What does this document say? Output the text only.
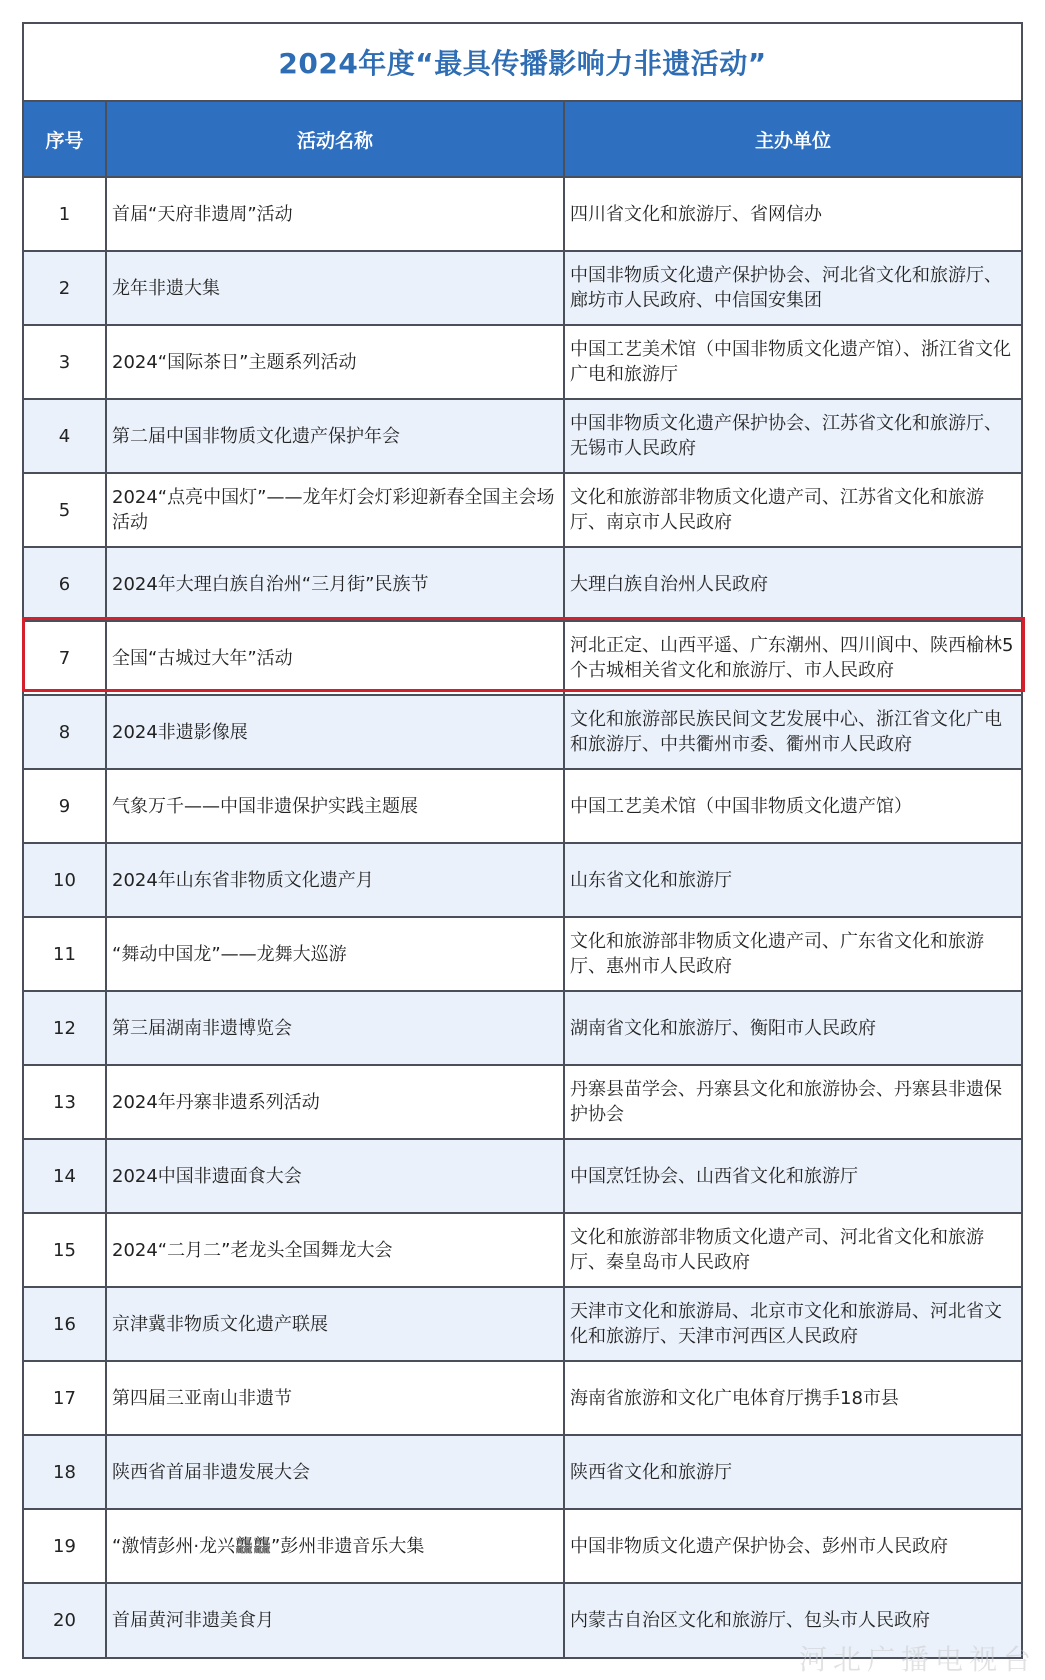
2024年度“最具传播影响力非遗活动”
序号	活动名称	主办单位
1	首届“天府非遗周”活动	四川省文化和旅游厅、省网信办
2	龙年非遗大集	中国非物质文化遗产保护协会、河北省文化和旅游厅、廊坊市人民政府、中信国安集团
3	2024“国际茶日”主题系列活动	中国工艺美术馆（中国非物质文化遗产馆）、浙江省文化广电和旅游厅
4	第二届中国非物质文化遗产保护年会	中国非物质文化遗产保护协会、江苏省文化和旅游厅、无锡市人民政府
5	2024“点亮中国灯”——龙年灯会灯彩迎新春全国主会场活动	文化和旅游部非物质文化遗产司、江苏省文化和旅游厅、南京市人民政府
6	2024年大理白族自治州“三月街”民族节	大理白族自治州人民政府
7	全国“古城过大年”活动	河北正定、山西平遥、广东潮州、四川阆中、陕西榆林5个古城相关省文化和旅游厅、市人民政府
8	2024非遗影像展	文化和旅游部民族民间文艺发展中心、浙江省文化广电和旅游厅、中共衢州市委、衢州市人民政府
9	气象万千——中国非遗保护实践主题展	中国工艺美术馆（中国非物质文化遗产馆）
10	2024年山东省非物质文化遗产月	山东省文化和旅游厅
11	“舞动中国龙”——龙舞大巡游	文化和旅游部非物质文化遗产司、广东省文化和旅游厅、惠州市人民政府
12	第三届湖南非遗博览会	湖南省文化和旅游厅、衡阳市人民政府
13	2024年丹寨非遗系列活动	丹寨县苗学会、丹寨县文化和旅游协会、丹寨县非遗保护协会
14	2024中国非遗面食大会	中国烹饪协会、山西省文化和旅游厅
15	2024“二月二”老龙头全国舞龙大会	文化和旅游部非物质文化遗产司、河北省文化和旅游厅、秦皇岛市人民政府
16	京津冀非物质文化遗产联展	天津市文化和旅游局、北京市文化和旅游局、河北省文化和旅游厅、天津市河西区人民政府
17	第四届三亚南山非遗节	海南省旅游和文化广电体育厅携手18市县
18	陕西省首届非遗发展大会	陕西省文化和旅游厅
19	“激情彭州·龙兴龘龘”彭州非遗音乐大集	中国非物质文化遗产保护协会、彭州市人民政府
20	首届黄河非遗美食月	内蒙古自治区文化和旅游厅、包头市人民政府
河北广播电视台
